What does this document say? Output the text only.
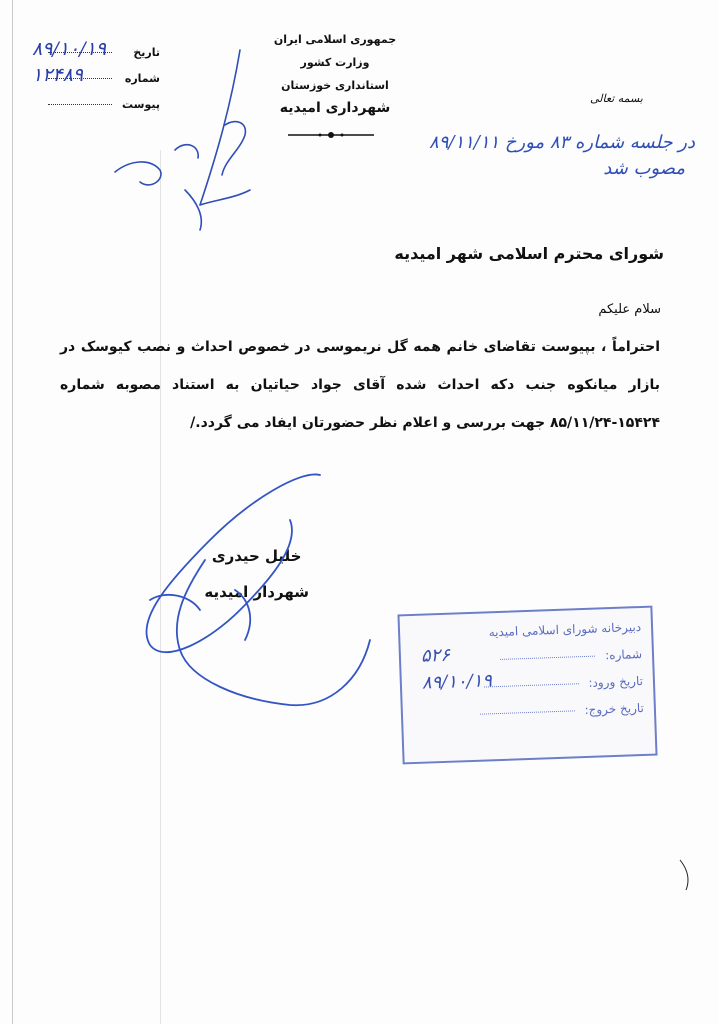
جمهوری اسلامی ایران
وزارت کشور
استانداری خوزستان
شهرداری امیدیه
تاریخ
۸۹/۱۰/۱۹
شماره
۱۲۴۸۹
پیوست	بسمه تعالی
در جلسه شماره ۸۳ مورخ ۸۹/۱۱/۱۱
مصوب شد
شورای محترم اسلامی شهر امیدیه
سلام علیکم
احتراماً ، بپیوست تقاضای خانم همه گل نریموسی در خصوص احداث و نصب کیوسک در بازار میانکوه جنب دکه احداث شده آقای جواد حیاتیان به استناد مصوبه شماره ۱۵۴۲۴-۸۵/۱۱/۲۴ جهت بررسی و اعلام نظر حضورتان ایفاد می گردد./
خلیل حیدری
شهردار امیدیه
دبیرخانه شورای اسلامی امیدیه
شماره:
۵۲۶
تاریخ ورود:
۸۹/۱۰/۱۹
تاریخ خروج:
